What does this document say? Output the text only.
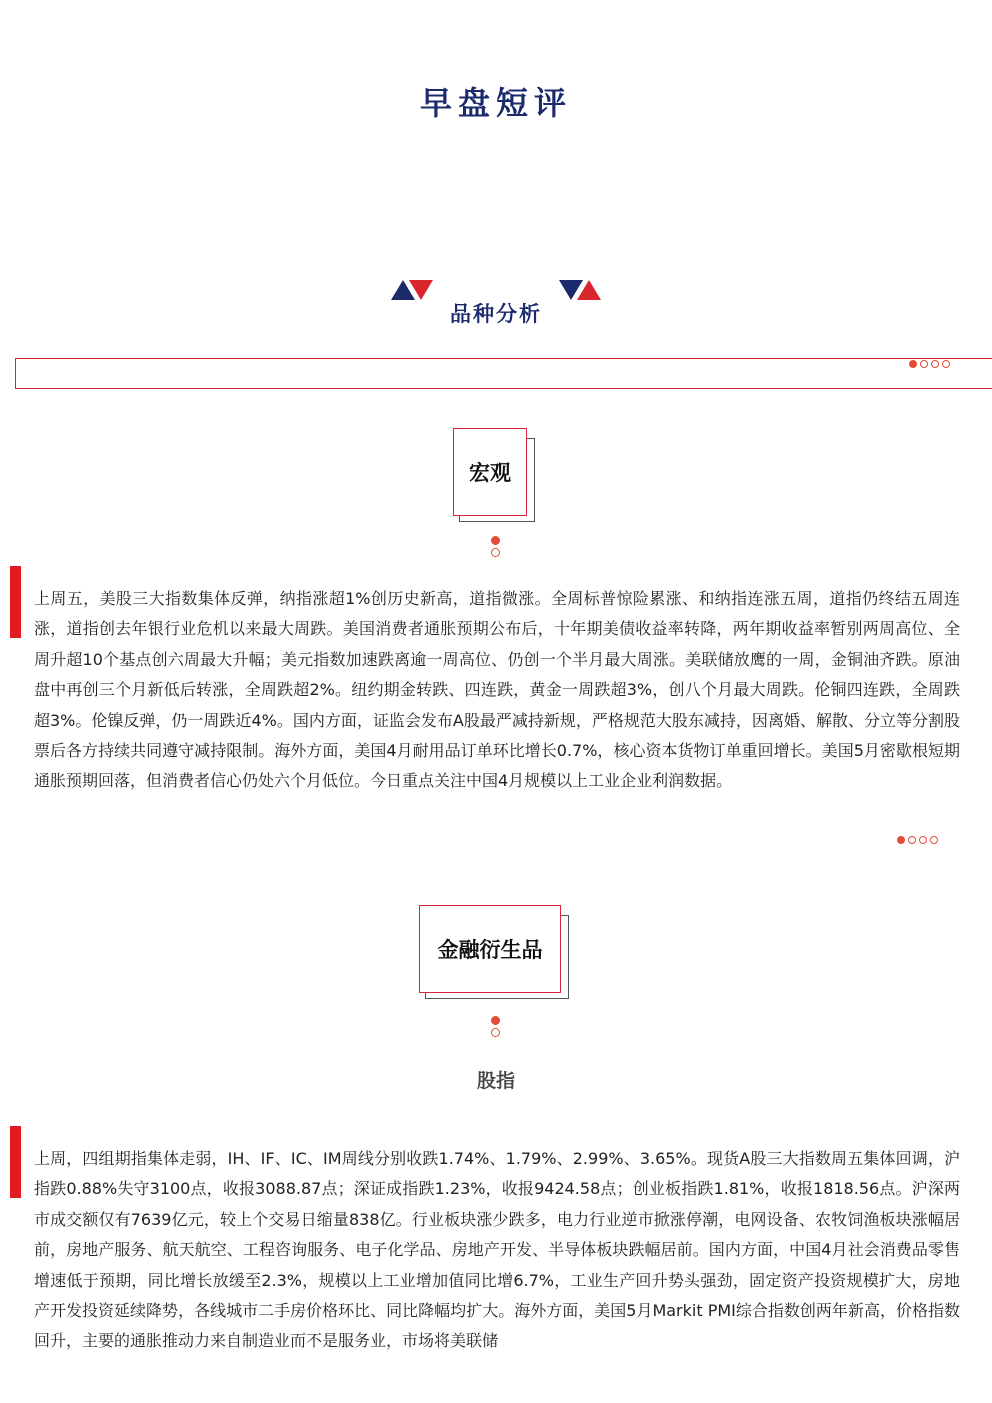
早盘短评
品种分析
宏观

上周五，美股三大指数集体反弹，纳指涨超1%创历史新高，道指微涨。全周标普惊险累涨、和纳指连涨五周，道指仍终结五周连涨，道指创去年银行业危机以来最大周跌。美国消费者通胀预期公布后，十年期美债收益率转降，两年期收益率暂别两周高位、全周升超10个基点创六周最大升幅；美元指数加速跌离逾一周高位、仍创一个半月最大周涨。美联储放鹰的一周，金铜油齐跌。原油盘中再创三个月新低后转涨，全周跌超2%。纽约期金转跌、四连跌，黄金一周跌超3%，创八个月最大周跌。伦铜四连跌，全周跌超3%。伦镍反弹，仍一周跌近4%。国内方面，证监会发布A股最严减持新规，严格规范大股东减持，因离婚、解散、分立等分割股票后各方持续共同遵守减持限制。海外方面，美国4月耐用品订单环比增长0.7%，核心资本货物订单重回增长。美国5月密歇根短期通胀预期回落，但消费者信心仍处六个月低位。今日重点关注中国4月规模以上工业企业利润数据。

金融衍生品
股指

上周，四组期指集体走弱，IH、IF、IC、IM周线分别收跌1.74%、1.79%、2.99%、3.65%。现货A股三大指数周五集体回调，沪指跌0.88%失守3100点，收报3088.87点；深证成指跌1.23%，收报9424.58点；创业板指跌1.81%，收报1818.56点。沪深两市成交额仅有7639亿元，较上个交易日缩量838亿。行业板块涨少跌多，电力行业逆市掀涨停潮，电网设备、农牧饲渔板块涨幅居前，房地产服务、航天航空、工程咨询服务、电子化学品、房地产开发、半导体板块跌幅居前。国内方面，中国4月社会消费品零售增速低于预期，同比增长放缓至2.3%，规模以上工业增加值同比增6.7%，工业生产回升势头强劲，固定资产投资规模扩大，房地产开发投资延续降势，各线城市二手房价格环比、同比降幅均扩大。海外方面，美国5月Markit PMI综合指数创两年新高，价格指数回升，主要的通胀推动力来自制造业而不是服务业，市场将美联储
